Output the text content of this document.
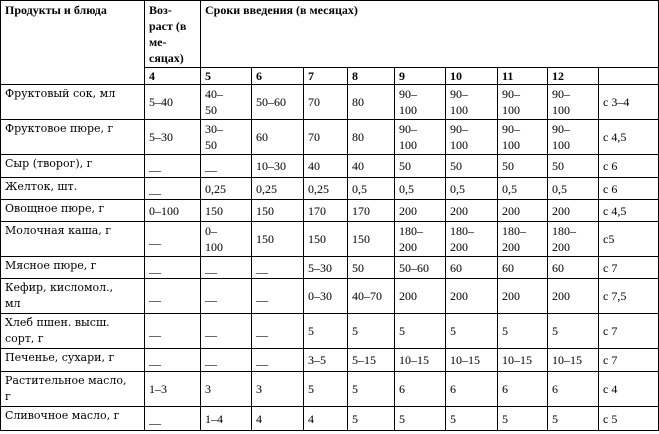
Продукты и блюда	Воз-
раст (в
ме-
сяцах)	Сроки введения (в месяцах)								
	4	5	6	7	8	9	10	11	12	
Фруктовый сок, мл	5–40	40–
50	50–60	70	80	90–
100	90–
100	90–
100	90–
100	с 3–4
Фруктовое пюре, г	5–30	30–
50	60	70	80	90–
100	90–
100	90–
100	90–
100	с 4,5
Сыр (творог), г	__	__	10–30	40	40	50	50	50	50	с 6
Желток, шт.	__	0,25	0,25	0,25	0,5	0,5	0,5	0,5	0,5	с 6
Овощное пюре, г	0–100	150	150	170	170	200	200	200	200	с 4,5
Молочная каша, г	__	0–
100	150	150	150	180–
200	180–
200	180–
200	180–
200	с5
Мясное пюре, г	__	__	__	5–30	50	50–60	60	60	60	с 7
Кефир, кисломол.,
мл	__	__	__	0–30	40–70	200	200	200	200	с 7,5
Хлеб пшен. высш.
сорт, г	__	__	__	5	5	5	5	5	5	с 7
Печенье, сухари, г	__	__	__	3–5	5–15	10–15	10–15	10–15	10–15	с 7
Растительное масло,
г	1–3	3	3	5	5	6	6	6	6	с 4
Сливочное масло, г	__	1–4	4	4	5	5	5	5	5	с 5
